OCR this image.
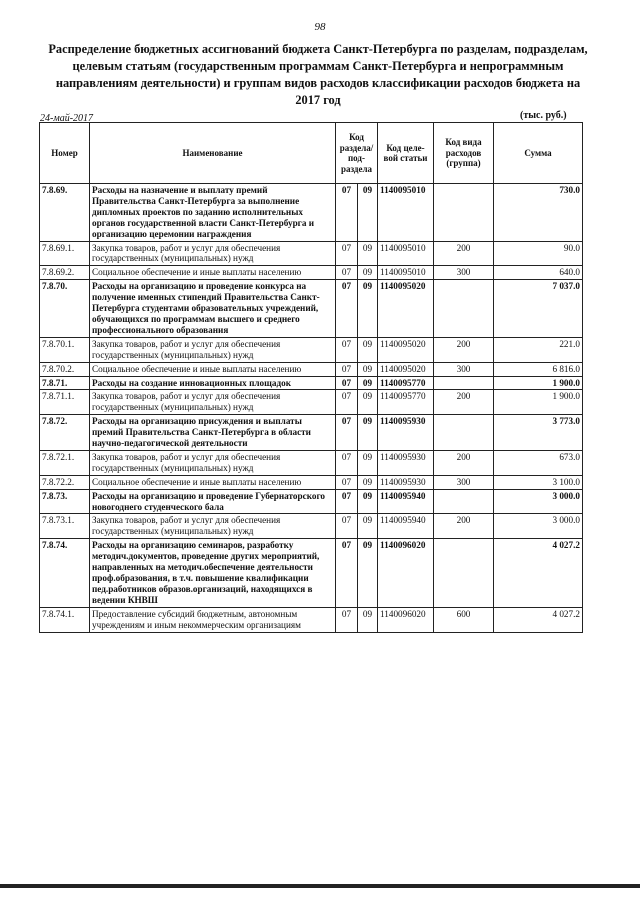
98
Распределение бюджетных ассигнований бюджета Санкт-Петербурга по разделам, подразделам, целевым статьям (государственным программам Санкт-Петербурга и непрограммным направлениям деятельности) и группам видов расходов классификации расходов бюджета на 2017 год
24-май-2017	(тыс. руб.)
Номер	Наименование	Код раздела/ под- раздела		Код целе- вой статьи	Код вида расходов (группа)	Сумма
7.8.69.	Расходы на назначение и выплату премий Правительства Санкт-Петербурга за выполнение дипломных проектов по заданию исполнительных органов государственной власти Санкт-Петербурга и организацию церемонии награждения	07	09	1140095010		730.0
7.8.69.1.	Закупка товаров, работ и услуг для обеспечения государственных (муниципальных) нужд	07	09	1140095010	200	90.0
7.8.69.2.	Социальное обеспечение и иные выплаты населению	07	09	1140095010	300	640.0
7.8.70.	Расходы на организацию и проведение конкурса на получение именных стипендий Правительства Санкт-Петербурга студентами образовательных учреждений, обучающихся по программам высшего и среднего профессионального образования	07	09	1140095020		7 037.0
7.8.70.1.	Закупка товаров, работ и услуг для обеспечения государственных (муниципальных) нужд	07	09	1140095020	200	221.0
7.8.70.2.	Социальное обеспечение и иные выплаты населению	07	09	1140095020	300	6 816.0
7.8.71.	Расходы на создание инновационных площадок	07	09	1140095770		1 900.0
7.8.71.1.	Закупка товаров, работ и услуг для обеспечения государственных (муниципальных) нужд	07	09	1140095770	200	1 900.0
7.8.72.	Расходы на организацию присуждения и выплаты премий Правительства Санкт-Петербурга в области научно-педагогической деятельности	07	09	1140095930		3 773.0
7.8.72.1.	Закупка товаров, работ и услуг для обеспечения государственных (муниципальных) нужд	07	09	1140095930	200	673.0
7.8.72.2.	Социальное обеспечение и иные выплаты населению	07	09	1140095930	300	3 100.0
7.8.73.	Расходы на организацию и проведение Губернаторского новогоднего студенческого бала	07	09	1140095940		3 000.0
7.8.73.1.	Закупка товаров, работ и услуг для обеспечения государственных (муниципальных) нужд	07	09	1140095940	200	3 000.0
7.8.74.	Расходы на организацию семинаров, разработку методич.документов, проведение других мероприятий, направленных на методич.обеспечение деятельности проф.образования, в т.ч. повышение квалификации пед.работников образов.организаций, находящихся в ведении КНВШ	07	09	1140096020		4 027.2
7.8.74.1.	Предоставление субсидий бюджетным, автономным учреждениям и иным некоммерческим организациям	07	09	1140096020	600	4 027.2
